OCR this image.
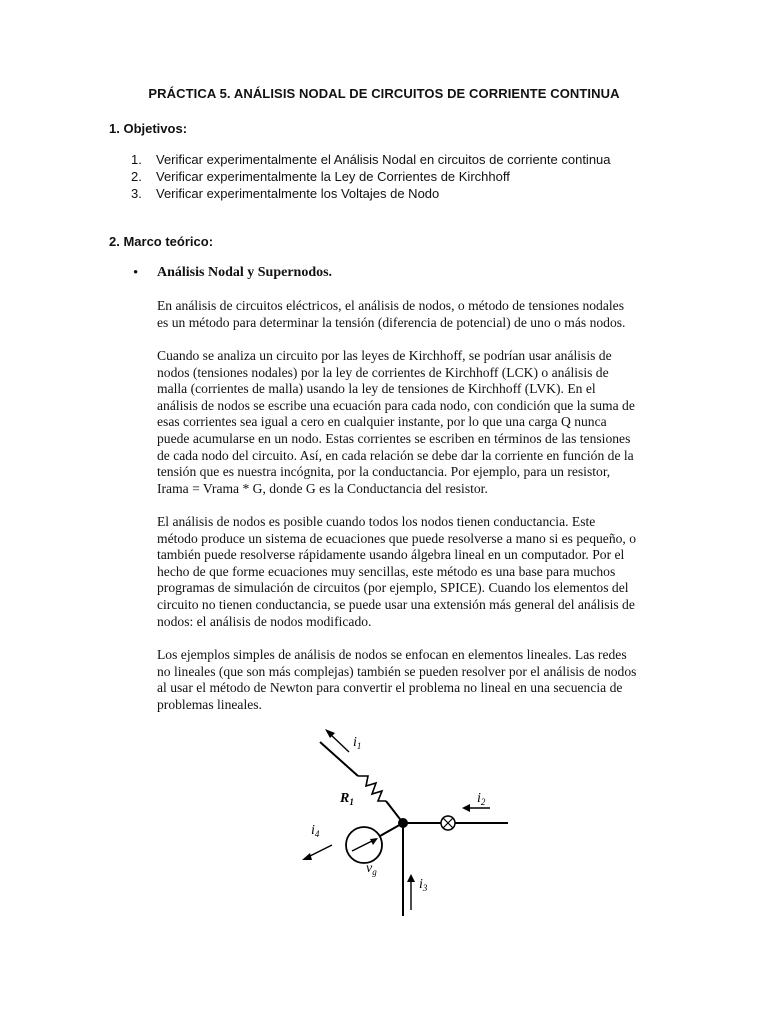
PRÁCTICA 5. ANÁLISIS NODAL DE CIRCUITOS DE CORRIENTE CONTINUA
1. Objetivos:
1. Verificar experimentalmente el Análisis Nodal en circuitos de corriente continua
2. Verificar experimentalmente la Ley de Corrientes de Kirchhoff
3. Verificar experimentalmente los Voltajes de Nodo
2. Marco teórico:
• Análisis Nodal y Supernodos.
En análisis de circuitos eléctricos, el análisis de nodos, o método de tensiones nodales
es un método para determinar la tensión (diferencia de potencial) de uno o más nodos.
Cuando se analiza un circuito por las leyes de Kirchhoff, se podrían usar análisis de
nodos (tensiones nodales) por la ley de corrientes de Kirchhoff (LCK) o análisis de
malla (corrientes de malla) usando la ley de tensiones de Kirchhoff (LVK). En el
análisis de nodos se escribe una ecuación para cada nodo, con condición que la suma de
esas corrientes sea igual a cero en cualquier instante, por lo que una carga Q nunca
puede acumularse en un nodo. Estas corrientes se escriben en términos de las tensiones
de cada nodo del circuito. Así, en cada relación se debe dar la corriente en función de la
tensión que es nuestra incógnita, por la conductancia. Por ejemplo, para un resistor,
Irama = Vrama * G, donde G es la Conductancia del resistor.
El análisis de nodos es posible cuando todos los nodos tienen conductancia. Este
método produce un sistema de ecuaciones que puede resolverse a mano si es pequeño, o
también puede resolverse rápidamente usando álgebra lineal en un computador. Por el
hecho de que forme ecuaciones muy sencillas, este método es una base para muchos
programas de simulación de circuitos (por ejemplo, SPICE). Cuando los elementos del
circuito no tienen conductancia, se puede usar una extensión más general del análisis de
nodos: el análisis de nodos modificado.
Los ejemplos simples de análisis de nodos se enfocan en elementos lineales. Las redes
no lineales (que son más complejas) también se pueden resolver por el análisis de nodos
al usar el método de Newton para convertir el problema no lineal en una secuencia de
problemas lineales.
$i_1$
$i_2$
$i_3$
$i_4$
$R_1$
$v_g$
